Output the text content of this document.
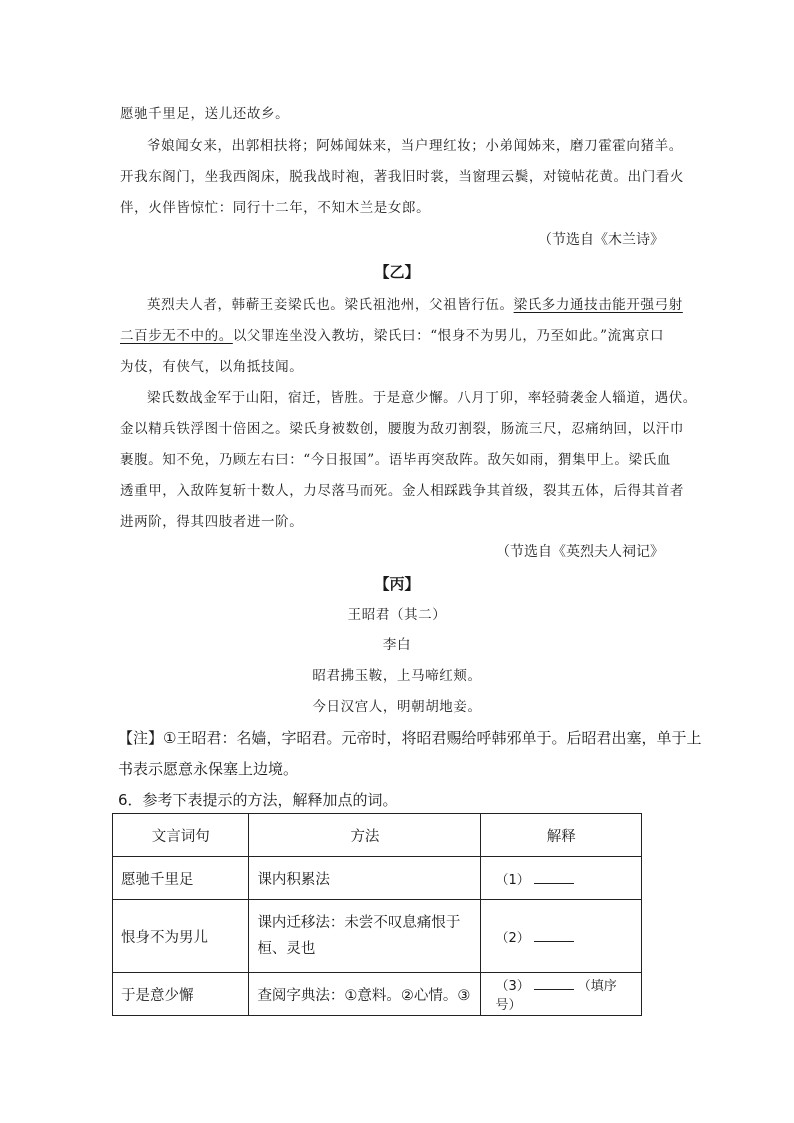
愿驰千里足，送儿还故乡。
爷娘闻女来，出郭相扶将；阿姊闻妹来，当户理红妆；小弟闻姊来，磨刀霍霍向猪羊。
开我东阁门，坐我西阁床，脱我战时袍，著我旧时裳，当窗理云鬓，对镜帖花黄。出门看火
伴，火伴皆惊忙：同行十二年，不知木兰是女郎。
（节选自《木兰诗》
【乙】
英烈夫人者，韩蕲王妾梁氏也。梁氏祖池州，父祖皆行伍。梁氏多力通技击能开强弓射
二百步无不中的。以父罪连坐没入教坊，梁氏曰：“恨身不为男儿，乃至如此。”流寓京口
为伎，有侠气，以角抵技闻。
梁氏数战金军于山阳，宿迁，皆胜。于是意少懈。八月丁卯，率轻骑袭金人辎道，遇伏。
金以精兵铁浮图十倍困之。梁氏身被数创，腰腹为敌刃割裂，肠流三尺，忍痛纳回，以汗巾
裹腹。知不免，乃顾左右曰：“今日报国”。语毕再突敌阵。敌矢如雨，猬集甲上。梁氏血
透重甲，入敌阵复斩十数人，力尽落马而死。金人相踩践争其首级，裂其五体，后得其首者
进两阶，得其四肢者进一阶。
（节选自《英烈夫人祠记》
【丙】
王昭君（其二）
李白
昭君拂玉鞍，上马啼红颊。
今日汉宫人，明朝胡地妾。
【注】①王昭君：名嫱，字昭君。元帝时，将昭君赐给呼韩邪单于。后昭君出塞，单于上
书表示愿意永保塞上边境。
6．参考下表提示的方法，解释加点的词。
文言词句	方法	解释
愿驰千里足	课内积累法	（1）
恨身不为男儿	课内迁移法：未尝不叹息痛恨于桓、灵也	（2）
于是意少懈	查阅字典法：①意料。②心情。③	（3） （填序号）
